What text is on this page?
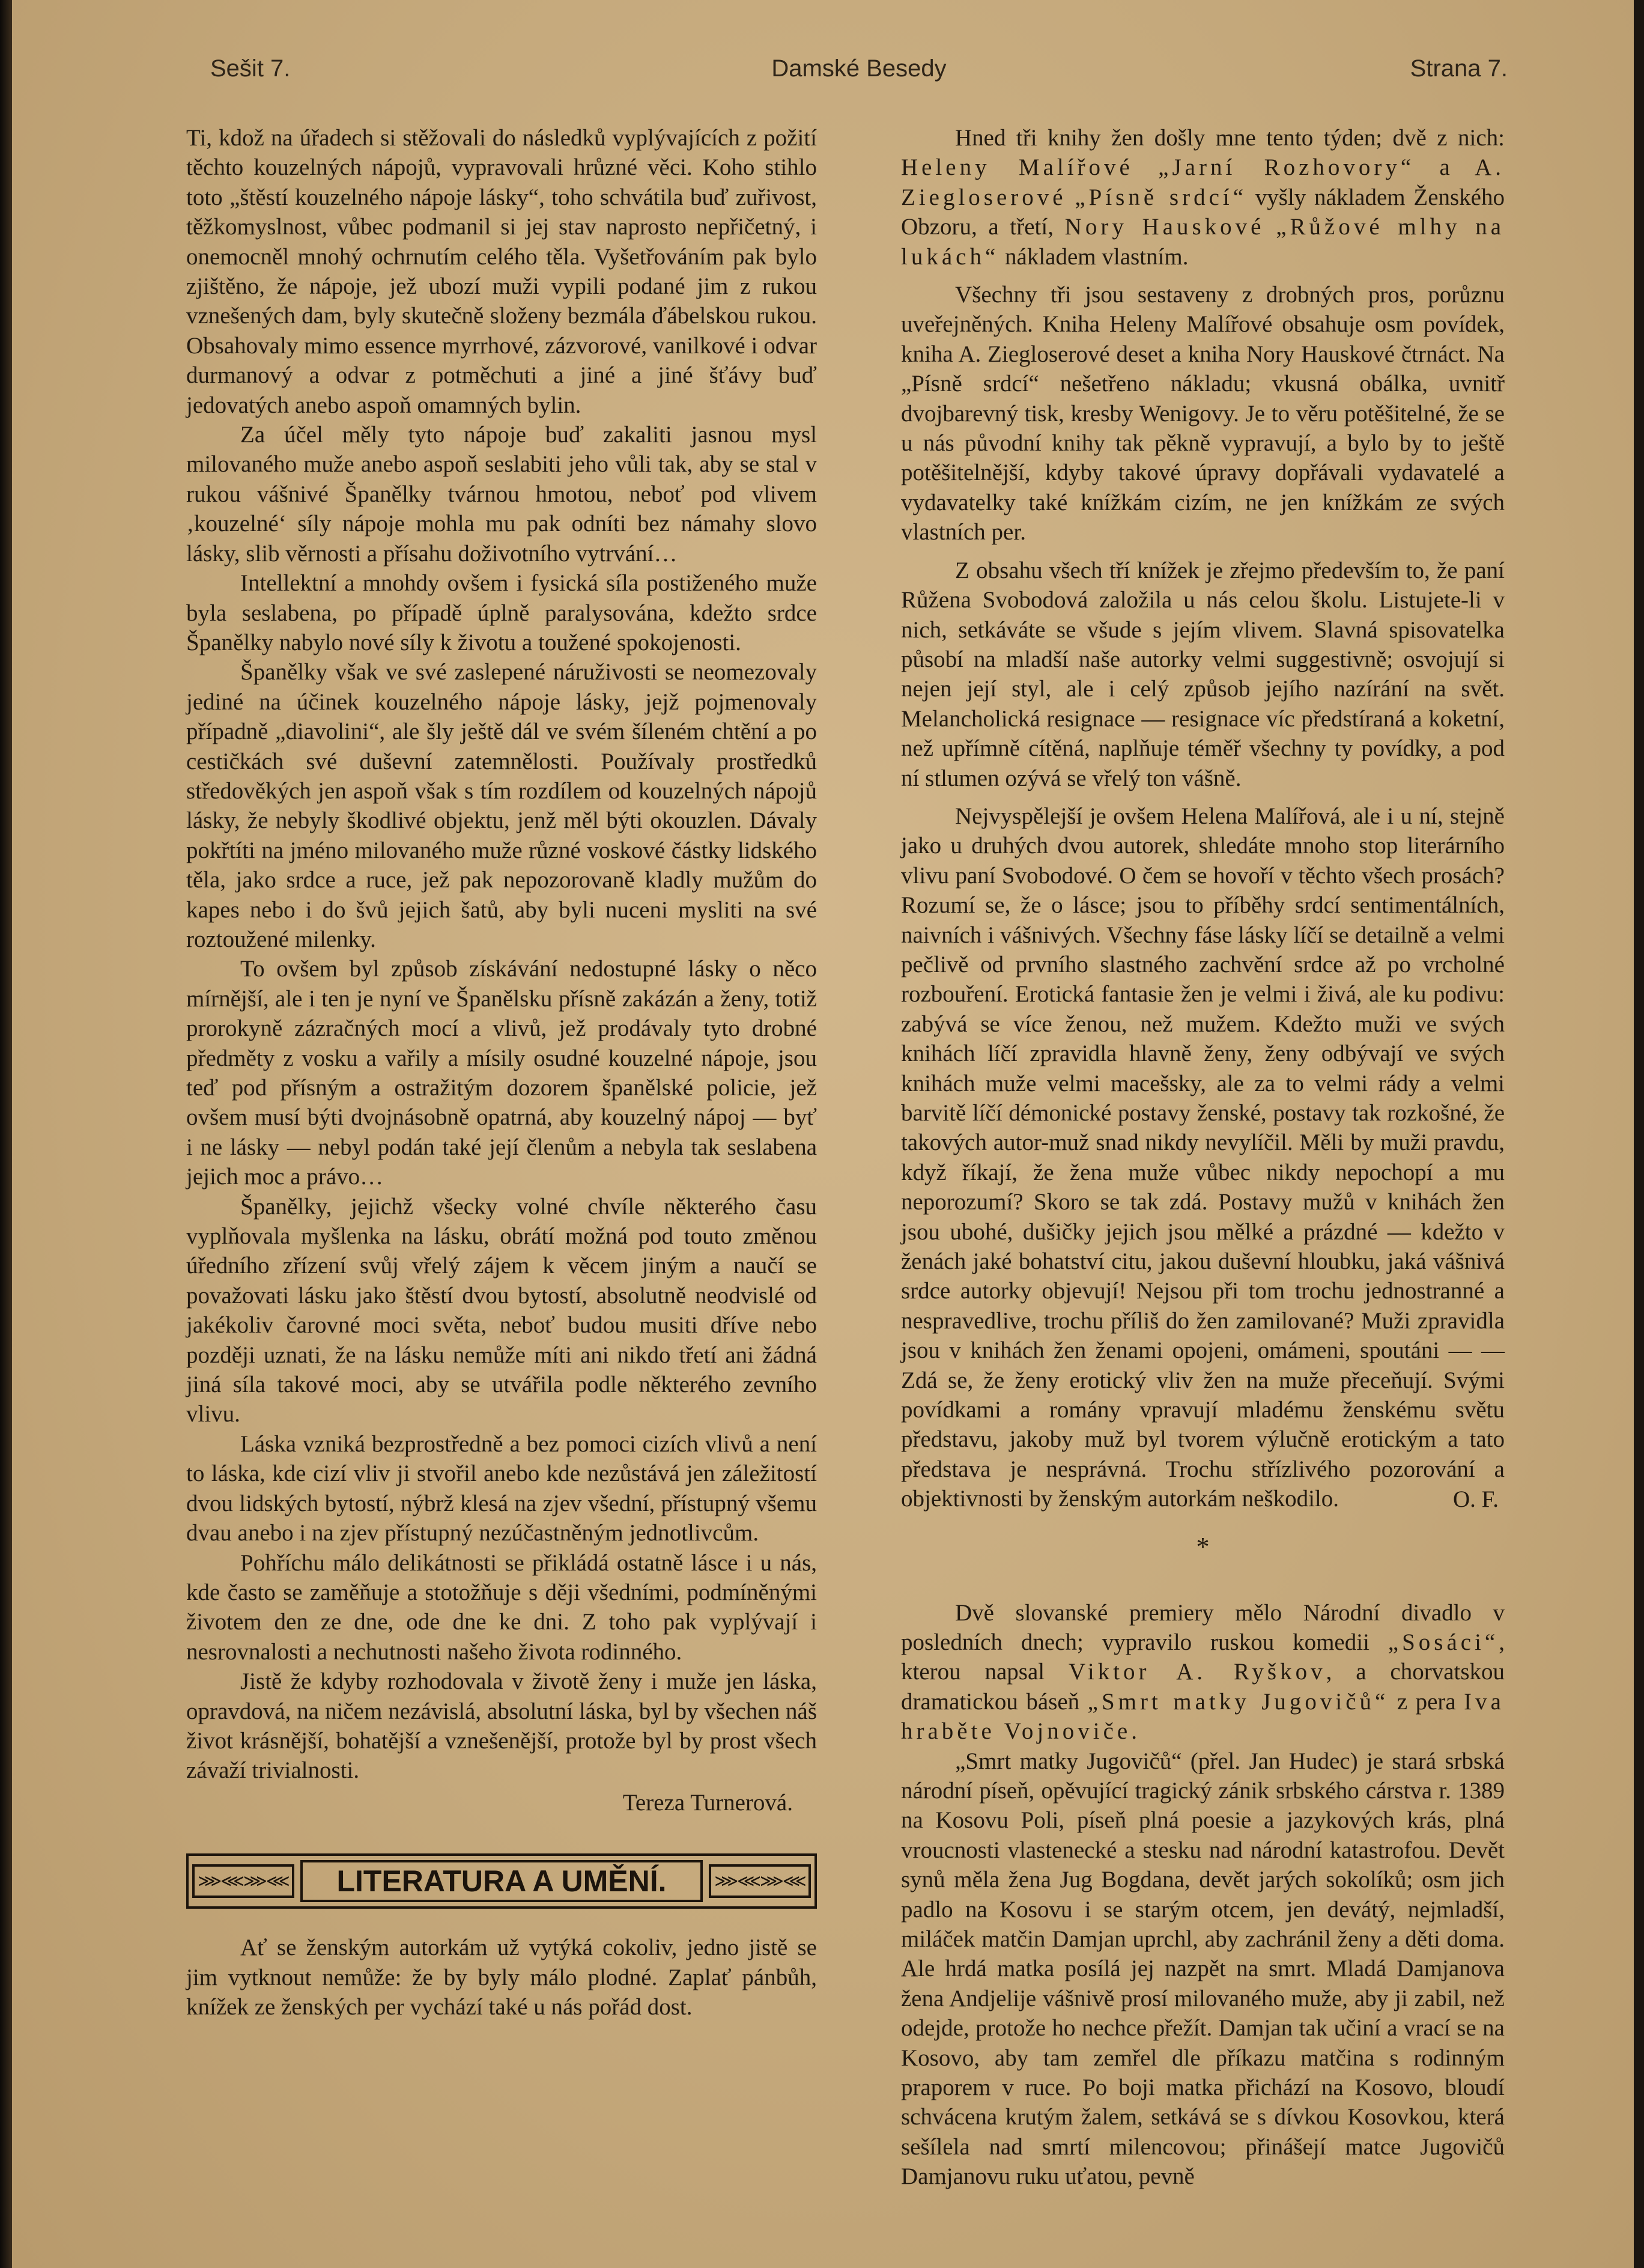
Sešit 7.	Damské Besedy	Strana 7.

Ti, kdož na úřadech si stěžovali do následků vyplývajících z požití těchto kouzelných nápojů, vypravovali hrůzné věci. Koho stihlo toto „štěstí kouzelného nápoje lásky“, toho schvátila buď zuřivost, těžkomyslnost, vůbec podmanil si jej stav naprosto nepřičetný, i onemocněl mnohý ochrnutím celého těla. Vyšetřováním pak bylo zjištěno, že nápoje, jež ubozí muži vypili podané jim z rukou vznešených dam, byly skutečně složeny bezmála ďábelskou rukou. Obsahovaly mimo essence myrrhové, zázvorové, vanilkové i odvar durmanový a odvar z potměchuti a jiné a jiné šťávy buď jedovatých anebo aspoň omamných bylin.

Za účel měly tyto nápoje buď zakaliti jasnou mysl milovaného muže anebo aspoň seslabiti jeho vůli tak, aby se stal v rukou vášnivé Španělky tvárnou hmotou, neboť pod vlivem ‚kouzelné‘ síly nápoje mohla mu pak odníti bez námahy slovo lásky, slib věrnosti a přísahu doživotního vytrvání…

Intellektní a mnohdy ovšem i fysická síla postiženého muže byla seslabena, po případě úplně paralysována, kdežto srdce Španělky nabylo nové síly k životu a toužené spokojenosti.

Španělky však ve své zaslepené náruživosti se neomezovaly jediné na účinek kouzelného nápoje lásky, jejž pojmenovaly případně „diavolini“, ale šly ještě dál ve svém šíleném chtění a po cestičkách své duševní zatemnělosti. Používaly prostředků středověkých jen aspoň však s tím rozdílem od kouzelných nápojů lásky, že nebyly škodlivé objektu, jenž měl býti okouzlen. Dávaly pokřtíti na jméno milovaného muže různé voskové částky lidského těla, jako srdce a ruce, jež pak nepozorovaně kladly mužům do kapes nebo i do švů jejich šatů, aby byli nuceni mysliti na své roztoužené milenky.

To ovšem byl způsob získávání nedostupné lásky o něco mírnější, ale i ten je nyní ve Španělsku přísně zakázán a ženy, totiž prorokyně zázračných mocí a vlivů, jež prodávaly tyto drobné předměty z vosku a vařily a mísily osudné kouzelné nápoje, jsou teď pod přísným a ostražitým dozorem španělské policie, jež ovšem musí býti dvojnásobně opatrná, aby kouzelný nápoj — byť i ne lásky — nebyl podán také její členům a nebyla tak seslabena jejich moc a právo…

Španělky, jejichž všecky volné chvíle některého času vyplňovala myšlenka na lásku, obrátí možná pod touto změnou úředního zřízení svůj vřelý zájem k věcem jiným a naučí se považovati lásku jako štěstí dvou bytostí, absolutně neodvislé od jakékoliv čarovné moci světa, neboť budou musiti dříve nebo později uznati, že na lásku nemůže míti ani nikdo třetí ani žádná jiná síla takové moci, aby se utvářila podle některého zevního vlivu.

Láska vzniká bezprostředně a bez pomoci cizích vlivů a není to láska, kde cizí vliv ji stvořil anebo kde nezůstává jen záležitostí dvou lidských bytostí, nýbrž klesá na zjev všední, přístupný všemu dvau anebo i na zjev přístupný nezúčastněným jednotlivcům.

Pohříchu málo delikátnosti se přikládá ostatně lásce i u nás, kde často se zaměňuje a stotožňuje s ději všedními, podmíněnými životem den ze dne, ode dne ke dni. Z toho pak vyplývají i nesrovnalosti a nechutnosti našeho života rodinného.

Jistě že kdyby rozhodovala v životě ženy i muže jen láska, opravdová, na ničem nezávislá, absolutní láska, byl by všechen náš život krásnější, bohatější a vznešenější, protože byl by prost všech závaží trivialnosti.

Tereza Turnerová.
⋙⋘⋙⋘	LITERATURA A UMĚNÍ.	⋙⋘⋙⋘

Ať se ženským autorkám už vytýká cokoliv, jedno jistě se jim vytknout nemůže: že by byly málo plodné. Zaplať pánbůh, knížek ze ženských per vychází také u nás pořád dost.

Hned tři knihy žen došly mne tento týden; dvě z nich: Heleny Malířové „Jarní Rozhovory“ a A. Ziegloserové „Písně srdcí“ vyšly nákladem Ženského Obzoru, a třetí, Nory Hauskové „Růžové mlhy na lukách“ nákladem vlastním.

Všechny tři jsou sestaveny z drobných pros, porůznu uveřejněných. Kniha Heleny Malířové obsahuje osm povídek, kniha A. Ziegloserové deset a kniha Nory Hauskové čtrnáct. Na „Písně srdcí“ nešetřeno nákladu; vkusná obálka, uvnitř dvojbarevný tisk, kresby Wenigovy. Je to věru potěšitelné, že se u nás původní knihy tak pěkně vypravují, a bylo by to ještě potěšitelnější, kdyby takové úpravy dopřávali vydavatelé a vydavatelky také knížkám cizím, ne jen knížkám ze svých vlastních per.

Z obsahu všech tří knížek je zřejmo především to, že paní Růžena Svobodová založila u nás celou školu. Listujete-li v nich, setkáváte se všude s jejím vlivem. Slavná spisovatelka působí na mladší naše autorky velmi suggestivně; osvojují si nejen její styl, ale i celý způsob jejího nazírání na svět. Melancholická resignace — resignace víc předstíraná a koketní, než upřímně cítěná, naplňuje téměř všechny ty povídky, a pod ní stlumen ozývá se vřelý ton vášně.

Nejvyspělejší je ovšem Helena Malířová, ale i u ní, stejně jako u druhých dvou autorek, shledáte mnoho stop literárního vlivu paní Svobodové. O čem se hovoří v těchto všech prosách? Rozumí se, že o lásce; jsou to příběhy srdcí sentimentálních, naivních i vášnivých. Všechny fáse lásky líčí se detailně a velmi pečlivě od prvního slastného zachvění srdce až po vrcholné rozbouření. Erotická fantasie žen je velmi i živá, ale ku podivu: zabývá se více ženou, než mužem. Kdežto muži ve svých knihách líčí zpravidla hlavně ženy, ženy odbývají ve svých knihách muže velmi macešsky, ale za to velmi rády a velmi barvitě líčí démonické postavy ženské, postavy tak rozkošné, že takových autor-muž snad nikdy nevylíčil. Měli by muži pravdu, když říkají, že žena muže vůbec nikdy nepochopí a mu neporozumí? Skoro se tak zdá. Postavy mužů v knihách žen jsou ubohé, dušičky jejich jsou mělké a prázdné — kdežto v ženách jaké bohatství citu, jakou duševní hloubku, jaká vášnivá srdce autorky objevují! Nejsou při tom trochu jednostranné a nespravedlive, trochu příliš do žen zamilované? Muži zpravidla jsou v knihách žen ženami opojeni, omámeni, spoutáni — — Zdá se, že ženy erotický vliv žen na muže přeceňují. Svými povídkami a romány vpravují mladému ženskému světu představu, jakoby muž byl tvorem výlučně erotickým a tato představa je nesprávná. Trochu střízlivého pozorování a objektivnosti by ženským autorkám neškodilo.	O. F.
*

Dvě slovanské premiery mělo Národní divadlo v posledních dnech; vypravilo ruskou komedii „Sosáci“, kterou napsal Viktor A. Ryškov, a chorvatskou dramatickou báseň „Smrt matky Jugovičů“ z pera Iva hraběte Vojnoviče.

„Smrt matky Jugovičů“ (přel. Jan Hudec) je stará srbská národní píseň, opěvující tragický zánik srbského cárstva r. 1389 na Kosovu Poli, píseň plná poesie a jazykových krás, plná vroucnosti vlastenecké a stesku nad národní katastrofou. Devět synů měla žena Jug Bogdana, devět jarých sokolíků; osm jich padlo na Kosovu i se starým otcem, jen devátý, nejmladší, miláček matčin Damjan uprchl, aby zachránil ženy a děti doma. Ale hrdá matka posílá jej nazpět na smrt. Mladá Damjanova žena Andjelije vášnivě prosí milovaného muže, aby ji zabil, než odejde, protože ho nechce přežít. Damjan tak učiní a vrací se na Kosovo, aby tam zemřel dle příkazu matčina s rodinným praporem v ruce. Po boji matka přichází na Kosovo, bloudí schvácena krutým žalem, setkává se s dívkou Kosovkou, která sešílela nad smrtí milencovou; přinášejí matce Jugovičů Damjanovu ruku uťatou, pevně
